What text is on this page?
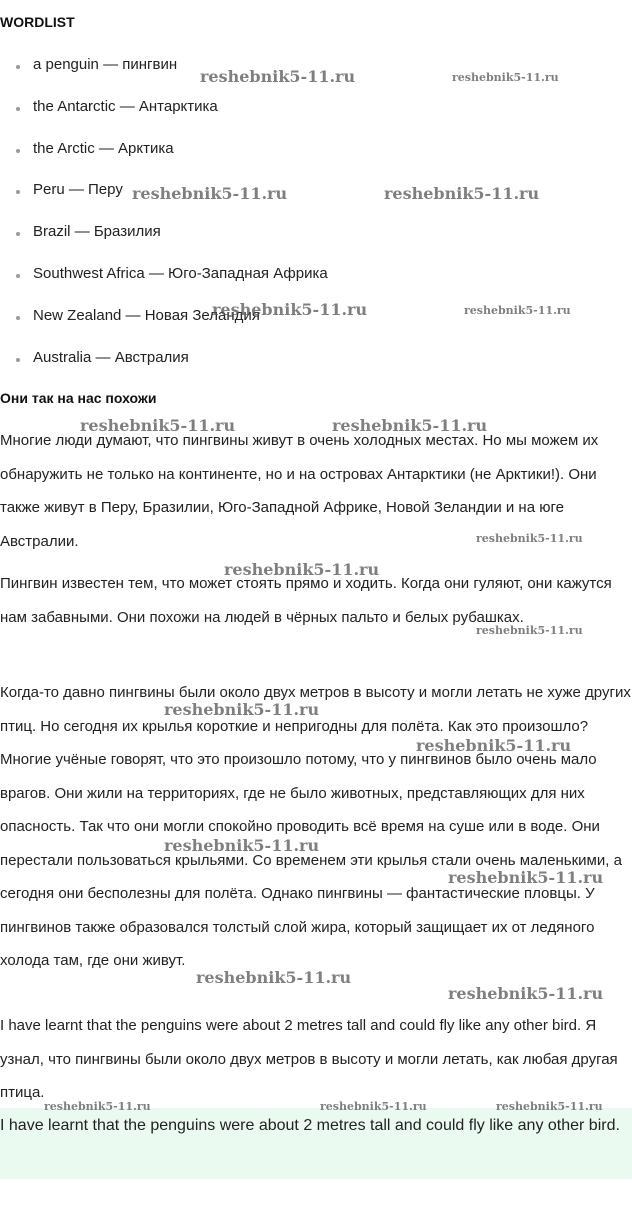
WORDLIST
a penguin — пингвин
the Antarctic — Антарктика
the Arctic — Арктика
Peru — Перу
Brazil — Бразилия
Southwest Africa — Юго-Западная Африка
New Zealand — Новая Зеландия
Australia — Австралия
Они так на нас похожи

Многие люди думают, что пингвины живут в очень холодных местах. Но мы можем их обнаружить не только на континенте, но и на островах Антарктики (не Арктики!). Они также живут в Перу, Бразилии, Юго-Западной Африке, Новой Зеландии и на юге Австралии.

Пингвин известен тем, что может стоять прямо и ходить. Когда они гуляют, они кажутся нам забавными. Они похожи на людей в чёрных пальто и белых рубашках.

Когда-то давно пингвины были около двух метров в высоту и могли летать не хуже других птиц. Но сегодня их крылья короткие и непригодны для полёта. Как это произошло? Многие учёные говорят, что это произошло потому, что у пингвинов было очень мало врагов. Они жили на территориях, где не было животных, представляющих для них опасность. Так что они могли спокойно проводить всё время на суше или в воде. Они перестали пользоваться крыльями. Со временем эти крылья стали очень маленькими, а сегодня они бесполезны для полёта. Однако пингвины — фантастические пловцы. У пингвинов также образовался толстый слой жира, который защищает их от ледяного холода там, где они живут.

I have learnt that the penguins were about 2 metres tall and could fly like any other bird. Я узнал, что пингвины были около двух метров в высоту и могли летать, как любая другая птица.

I have learnt that the penguins were about 2 metres tall and could fly like any other bird.

reshebnik5-11.ru	reshebnik5-11.ru
reshebnik5-11.ru	reshebnik5-11.ru
reshebnik5-11.ru	reshebnik5-11.ru
reshebnik5-11.ru	reshebnik5-11.ru
reshebnik5-11.ru
reshebnik5-11.ru
reshebnik5-11.ru
reshebnik5-11.ru
reshebnik5-11.ru
reshebnik5-11.ru
reshebnik5-11.ru
reshebnik5-11.ru
reshebnik5-11.ru
reshebnik5-11.ru	reshebnik5-11.ru	reshebnik5-11.ru
